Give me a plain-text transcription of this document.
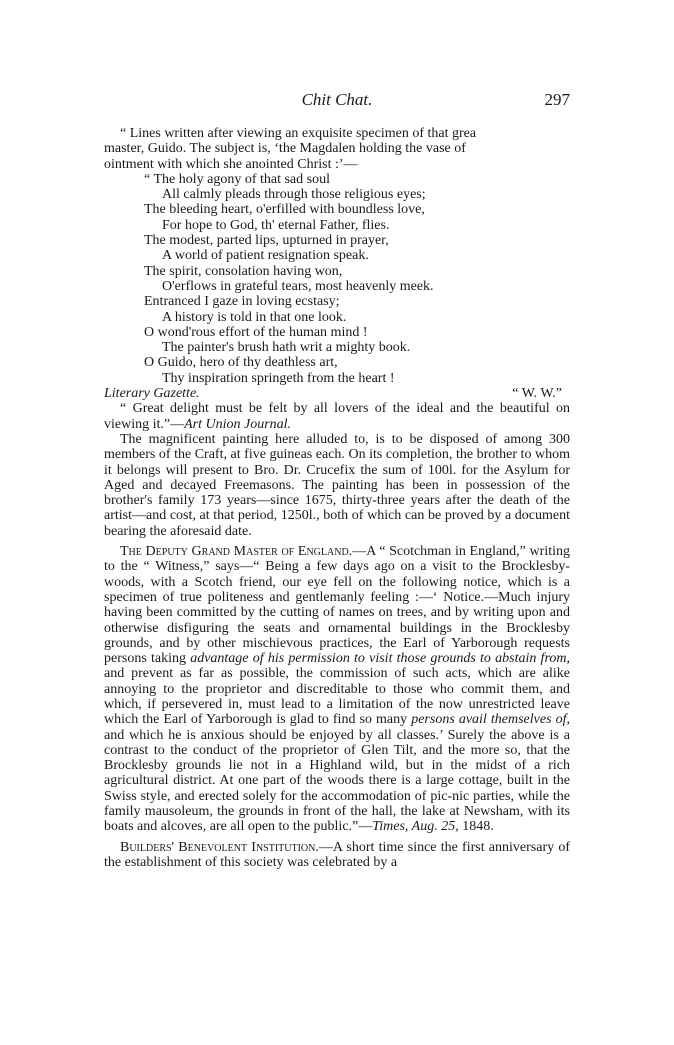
Chit Chat.	297

“ Lines written after viewing an exquisite specimen of that grea

master, Guido. The subject is, ‘the Magdalen holding the vase of

ointment with which she anointed Christ :’—

“ The holy agony of that sad soul
All calmly pleads through those religious eyes;
The bleeding heart, o'erfilled with boundless love,
For hope to God, th' eternal Father, flies.
The modest, parted lips, upturned in prayer,
A world of patient resignation speak.
The spirit, consolation having won,
O'erflows in grateful tears, most heavenly meek.
Entranced I gaze in loving ecstasy;
A history is told in that one look.
O wond'rous effort of the human mind !
The painter's brush hath writ a mighty book.
O Guido, hero of thy deathless art,
Thy inspiration springeth from the heart !
Literary Gazette.	“ W. W.”

“ Great delight must be felt by all lovers of the ideal and the beautiful on viewing it.”—Art Union Journal.

The magnificent painting here alluded to, is to be disposed of among 300 members of the Craft, at five guineas each. On its completion, the brother to whom it belongs will present to Bro. Dr. Crucefix the sum of 100l. for the Asylum for Aged and decayed Freemasons. The painting has been in possession of the brother's family 173 years—since 1675, thirty-three years after the death of the artist—and cost, at that period, 1250l., both of which can be proved by a document bearing the aforesaid date.

The Deputy Grand Master of England.—A “ Scotchman in England,” writing to the “ Witness,” says—“ Being a few days ago on a visit to the Brocklesby-woods, with a Scotch friend, our eye fell on the following notice, which is a specimen of true politeness and gentlemanly feeling :—‘ Notice.—Much injury having been committed by the cutting of names on trees, and by writing upon and otherwise disfiguring the seats and ornamental buildings in the Brocklesby grounds, and by other mischievous practices, the Earl of Yarborough requests persons taking advantage of his permission to visit those grounds to abstain from, and prevent as far as possible, the commission of such acts, which are alike annoying to the proprietor and discreditable to those who commit them, and which, if persevered in, must lead to a limitation of the now unrestricted leave which the Earl of Yarborough is glad to find so many persons avail themselves of, and which he is anxious should be enjoyed by all classes.’ Surely the above is a contrast to the conduct of the proprietor of Glen Tilt, and the more so, that the Brocklesby grounds lie not in a Highland wild, but in the midst of a rich agricultural district. At one part of the woods there is a large cottage, built in the Swiss style, and erected solely for the accommodation of pic-nic parties, while the family mausoleum, the grounds in front of the hall, the lake at Newsham, with its boats and alcoves, are all open to the public.”—Times, Aug. 25, 1848.

Builders' Benevolent Institution.—A short time since the first anniversary of the establishment of this society was celebrated by a
